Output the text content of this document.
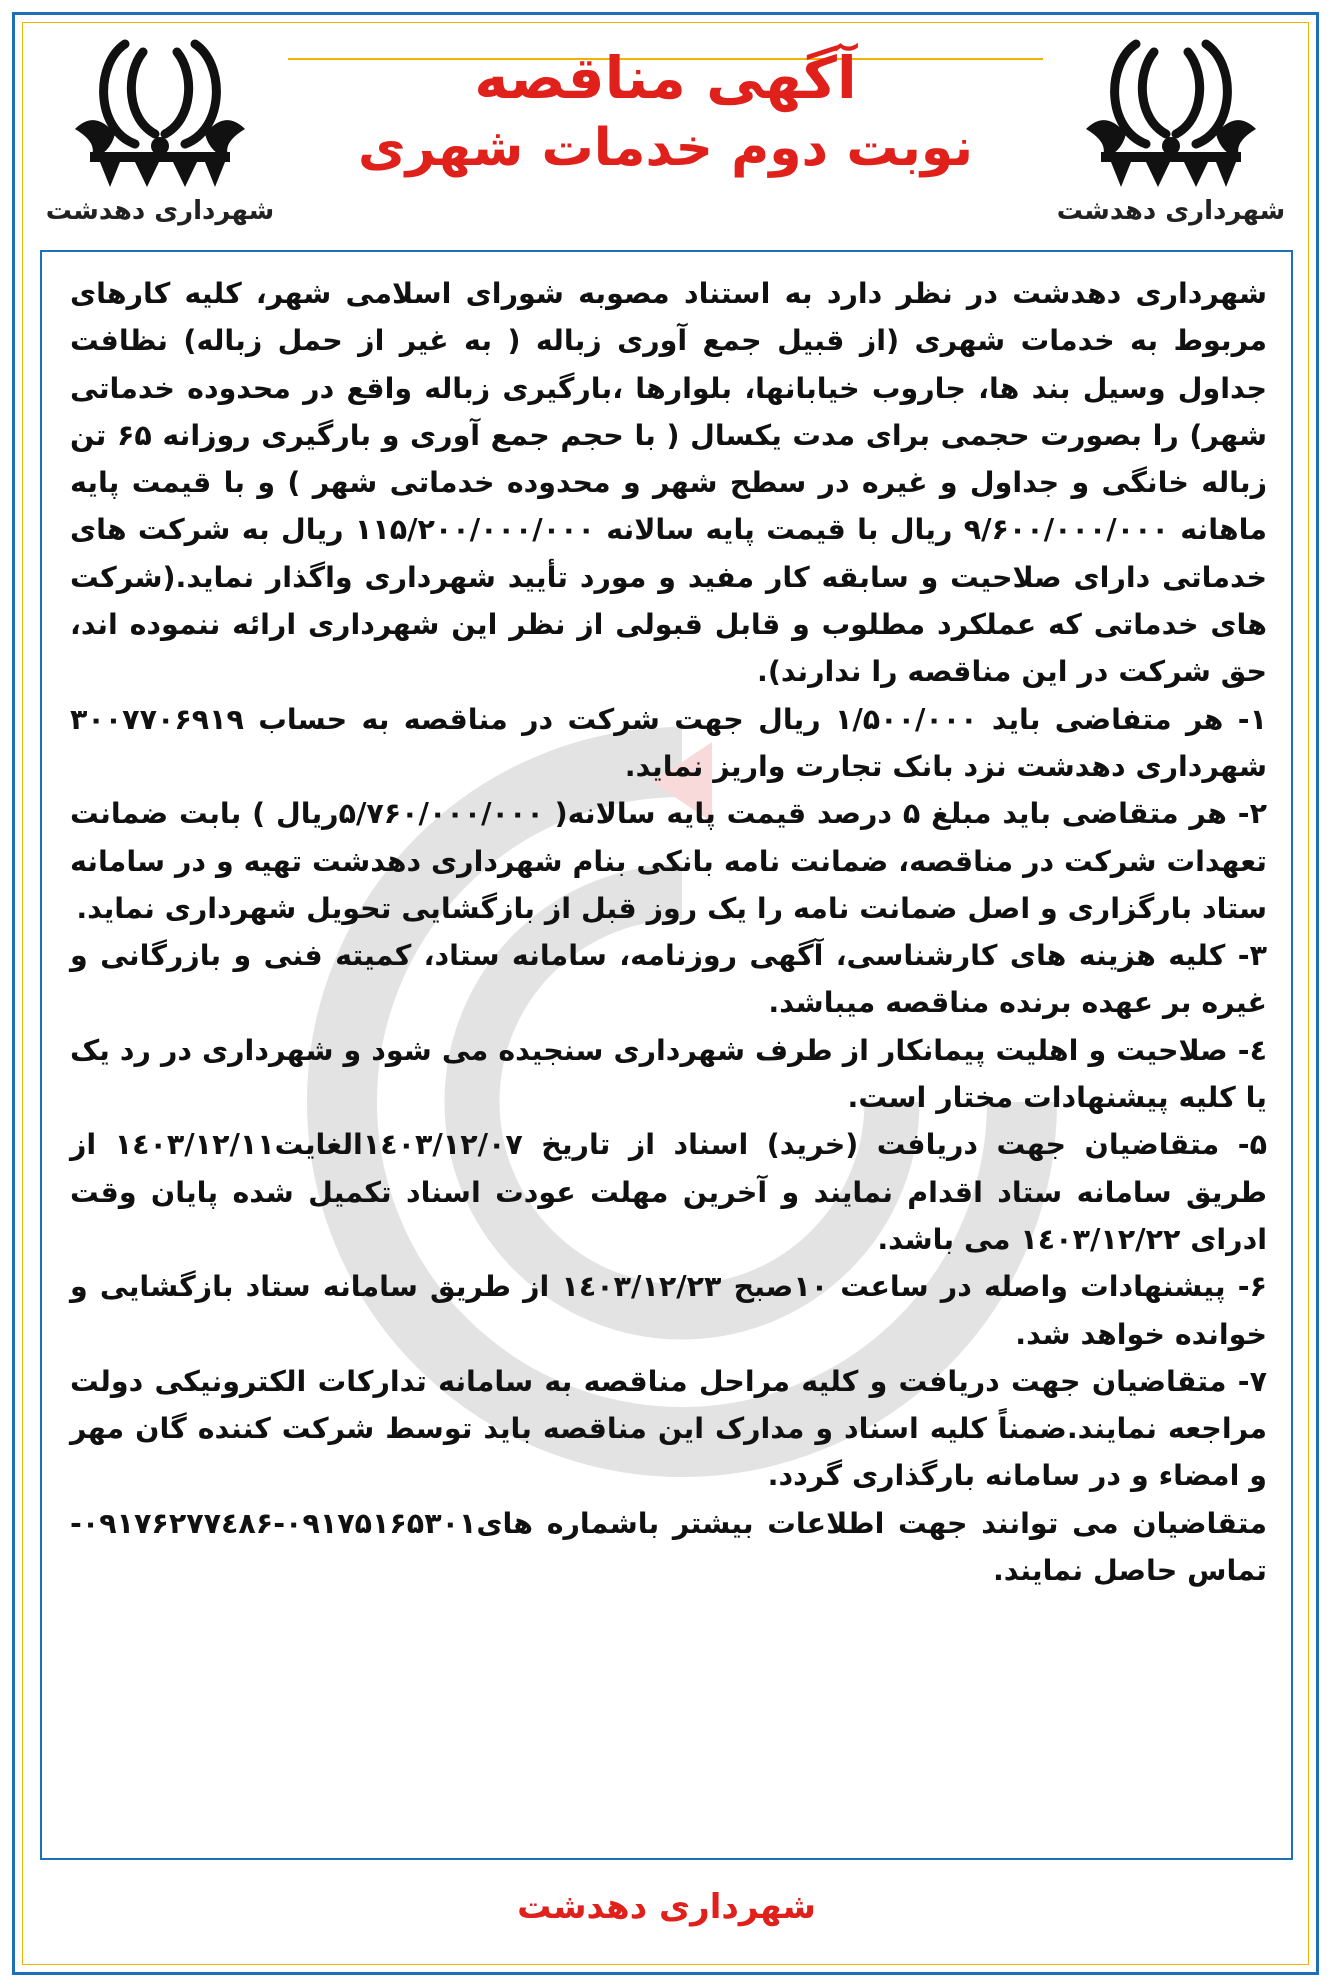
شهرداری دهدشت
شهرداری دهدشت
آگهی مناقصه
نوبت دوم خدمات شهری

شهرداری دهدشت در نظر دارد به استناد مصوبه شورای اسلامی شهر، کلیه کارهای مربوط به خدمات شهری (از قبیل جمع آوری زباله ( به غیر از حمل زباله) نظافت جداول وسیل بند ها، جاروب خیابانها، بلوارها ،بارگیری زباله واقع در محدوده خدماتی شهر) را بصورت حجمی برای مدت یکسال ( با حجم جمع آوری و بارگیری روزانه ۶۵ تن زباله خانگی و جداول و غیره در سطح شهر و محدوده خدماتی شهر ) و با قیمت پایه ماهانه ۹/۶۰۰/۰۰۰/۰۰۰ ریال با قیمت پایه سالانه ۱۱۵/۲۰۰/۰۰۰/۰۰۰ ریال به شرکت های خدماتی دارای صلاحیت و سابقه کار مفید و مورد تأیید شهرداری واگذار نماید.(شرکت های خدماتی که عملکرد مطلوب و قابل قبولی از نظر این شهرداری ارائه ننموده اند، حق شرکت در این مناقصه را ندارند).

۱- هر متفاضی باید ۱/۵۰۰/۰۰۰ ریال جهت شرکت در مناقصه به حساب ۳۰۰۷۷۰۶۹۱۹ شهرداری دهدشت نزد بانک تجارت واریز نماید.

۲- هر متقاضی باید مبلغ ۵ درصد قیمت پایه سالانه( ۵/۷۶۰/۰۰۰/۰۰۰ریال ) بابت ضمانت تعهدات شرکت در مناقصه، ضمانت نامه بانکی بنام شهرداری دهدشت تهیه و در سامانه ستاد بارگزاری و اصل ضمانت نامه را یک روز قبل از بازگشایی تحویل شهرداری نماید.

۳- کلیه هزینه های کارشناسی، آگهی روزنامه، سامانه ستاد، کمیته فنی و بازرگانی و غیره بر عهده برنده مناقصه میباشد.

٤- صلاحیت و اهلیت پیمانکار از طرف شهرداری سنجیده می شود و شهرداری در رد یک یا کلیه پیشنهادات مختار است.

۵- متقاضیان جهت دریافت (خرید) اسناد از تاریخ ۱٤۰۳/۱۲/۰۷الغایت۱٤۰۳/۱۲/۱۱ از طریق سامانه ستاد اقدام نمایند و آخرین مهلت عودت اسناد تکمیل شده پایان وقت ادرای ۱٤۰۳/۱۲/۲۲ می باشد.

۶- پیشنهادات واصله در ساعت ۱۰صبح ۱٤۰۳/۱۲/۲۳ از طریق سامانه ستاد بازگشایی و خوانده خواهد شد.

۷- متقاضیان جهت دریافت و کلیه مراحل مناقصه به سامانه تدارکات الکترونیکی دولت مراجعه نمایند.ضمناً کلیه اسناد و مدارک این مناقصه باید توسط شرکت کننده گان مهر و امضاء و در سامانه بارگذاری گردد.

متقاضیان می توانند جهت اطلاعات بیشتر باشماره های۰۹۱۷۵۱۶۵۳۰۱-۰۹۱۷۶۲۷۷٤۸۶-تماس حاصل نمایند.

شهرداری دهدشت
